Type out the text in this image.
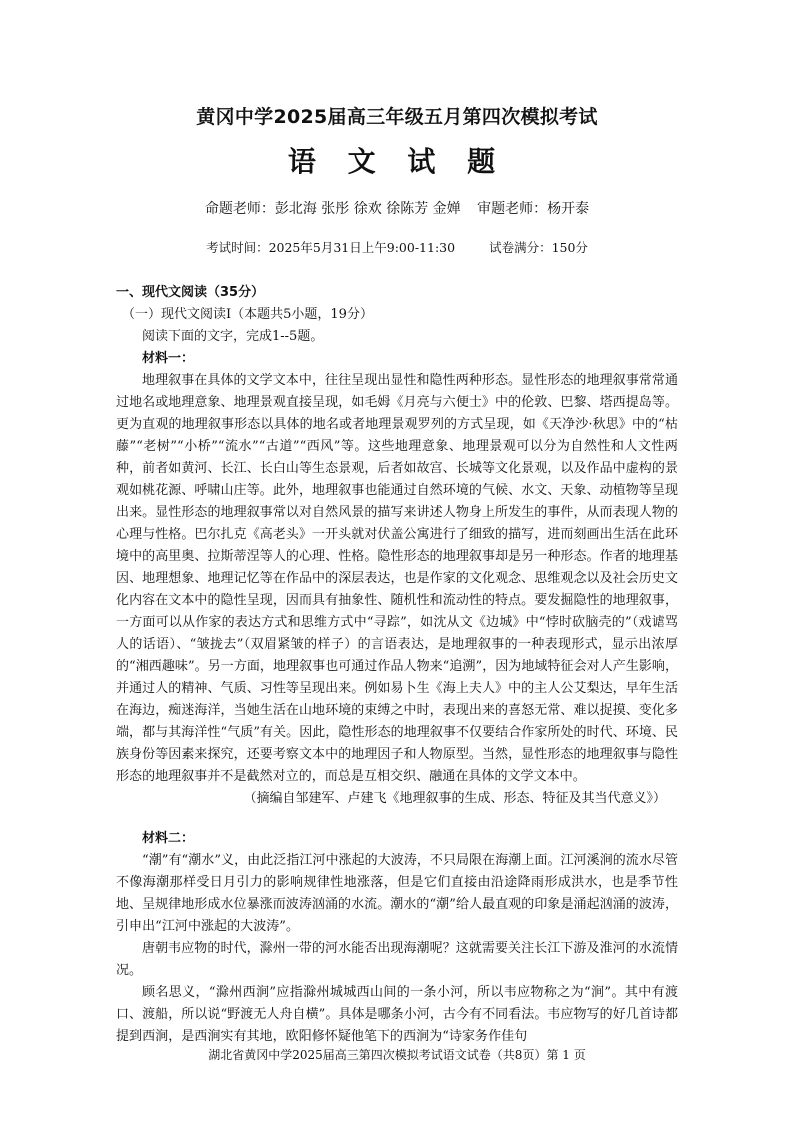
黄冈中学2025届高三年级五月第四次模拟考试
语 文 试 题
命题老师：彭北海 张彤 徐欢 徐陈芳 金婵 审题老师：杨开泰
考试时间：2025年5月31日上午9:00-11:30	试卷满分：150分
一、现代文阅读（35分）
（一）现代文阅读Ⅰ（本题共5小题，19分）
阅读下面的文字，完成1--5题。
材料一：

地理叙事在具体的文学文本中，往往呈现出显性和隐性两种形态。显性形态的地理叙事常常通过地名或地理意象、地理景观直接呈现，如毛姆《月亮与六便士》中的伦敦、巴黎、塔西提岛等。更为直观的地理叙事形态以具体的地名或者地理景观罗列的方式呈现，如《天净沙·秋思》中的“枯藤”“老树”“小桥”“流水”“古道”“西风”等。这些地理意象、地理景观可以分为自然性和人文性两种，前者如黄河、长江、长白山等生态景观，后者如故宫、长城等文化景观，以及作品中虚构的景观如桃花源、呼啸山庄等。此外，地理叙事也能通过自然环境的气候、水文、天象、动植物等呈现出来。显性形态的地理叙事常以对自然风景的描写来讲述人物身上所发生的事件，从而表现人物的心理与性格。巴尔扎克《高老头》一开头就对伏盖公寓进行了细致的描写，进而刻画出生活在此环境中的高里奥、拉斯蒂涅等人的心理、性格。隐性形态的地理叙事却是另一种形态。作者的地理基因、地理想象、地理记忆等在作品中的深层表达，也是作家的文化观念、思维观念以及社会历史文化内容在文本中的隐性呈现，因而具有抽象性、随机性和流动性的特点。要发掘隐性的地理叙事，一方面可以从作家的表达方式和思维方式中“寻踪”，如沈从文《边城》中“悖时砍脑壳的”（戏谑骂人的话语）、“皱拢去”（双眉紧皱的样子）的言语表达，是地理叙事的一种表现形式，显示出浓厚的“湘西趣味”。另一方面，地理叙事也可通过作品人物来“追溯”，因为地域特征会对人产生影响，并通过人的精神、气质、习性等呈现出来。例如易卜生《海上夫人》中的主人公艾梨达，早年生活在海边，痴迷海洋，当她生活在山地环境的束缚之中时，表现出来的喜怒无常、难以捉摸、变化多端，都与其海洋性“气质”有关。因此，隐性形态的地理叙事不仅要结合作家所处的时代、环境、民族身份等因素来探究，还要考察文本中的地理因子和人物原型。当然，显性形态的地理叙事与隐性形态的地理叙事并不是截然对立的，而总是互相交织、融通在具体的文学文本中。

（摘编自邹建军、卢建飞《地理叙事的生成、形态、特征及其当代意义》）
材料二：

“潮”有“潮水”义，由此泛指江河中涨起的大波涛，不只局限在海潮上面。江河溪涧的流水尽管不像海潮那样受日月引力的影响规律性地涨落，但是它们直接由沿途降雨形成洪水，也是季节性地、呈规律地形成水位暴涨而波涛汹涌的水流。潮水的“潮”给人最直观的印象是涌起汹涌的波涛，引申出“江河中涨起的大波涛”。

唐朝韦应物的时代，滁州一带的河水能否出现海潮呢？这就需要关注长江下游及淮河的水流情况。

顾名思义，“滁州西涧”应指滁州城城西山间的一条小河，所以韦应物称之为“涧”。其中有渡口、渡船，所以说“野渡无人舟自横”。具体是哪条小河，古今有不同看法。韦应物写的好几首诗都提到西涧，是西涧实有其地，欧阳修怀疑他笔下的西涧为“诗家务作佳句

湖北省黄冈中学2025届高三第四次模拟考试语文试卷（共8页）第 1 页
